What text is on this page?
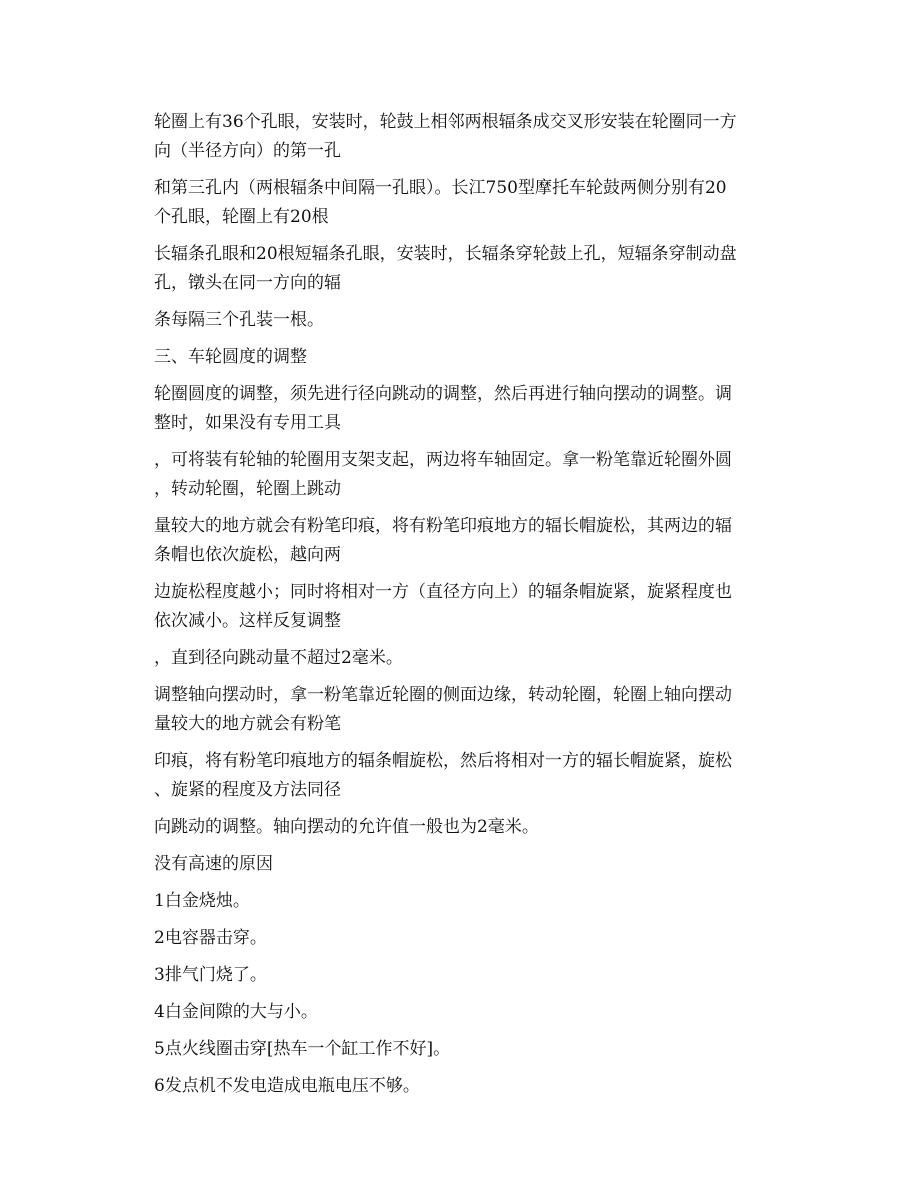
轮圈上有36个孔眼，安装时，轮鼓上相邻两根辐条成交叉形安装在轮圈同一方
向（半径方向）的第一孔

和第三孔内（两根辐条中间隔一孔眼）。长江750型摩托车轮鼓两侧分别有20
个孔眼，轮圈上有20根

长辐条孔眼和20根短辐条孔眼，安装时，长辐条穿轮鼓上孔，短辐条穿制动盘
孔，镦头在同一方向的辐

条每隔三个孔装一根。

三、车轮圆度的调整

轮圈圆度的调整，须先进行径向跳动的调整，然后再进行轴向摆动的调整。调
整时，如果没有专用工具

，可将装有轮轴的轮圈用支架支起，两边将车轴固定。拿一粉笔靠近轮圈外圆
，转动轮圈，轮圈上跳动

量较大的地方就会有粉笔印痕，将有粉笔印痕地方的辐长帽旋松，其两边的辐
条帽也依次旋松，越向两

边旋松程度越小；同时将相对一方（直径方向上）的辐条帽旋紧，旋紧程度也
依次减小。这样反复调整

，直到径向跳动量不超过2毫米。

调整轴向摆动时，拿一粉笔靠近轮圈的侧面边缘，转动轮圈，轮圈上轴向摆动
量较大的地方就会有粉笔

印痕，将有粉笔印痕地方的辐条帽旋松，然后将相对一方的辐长帽旋紧，旋松
、旋紧的程度及方法同径

向跳动的调整。轴向摆动的允许值一般也为2毫米。

没有高速的原因

1白金烧烛。

2电容器击穿。

3排气门烧了。

4白金间隙的大与小。

5点火线圈击穿[热车一个缸工作不好]。

6发点机不发电造成电瓶电压不够。
